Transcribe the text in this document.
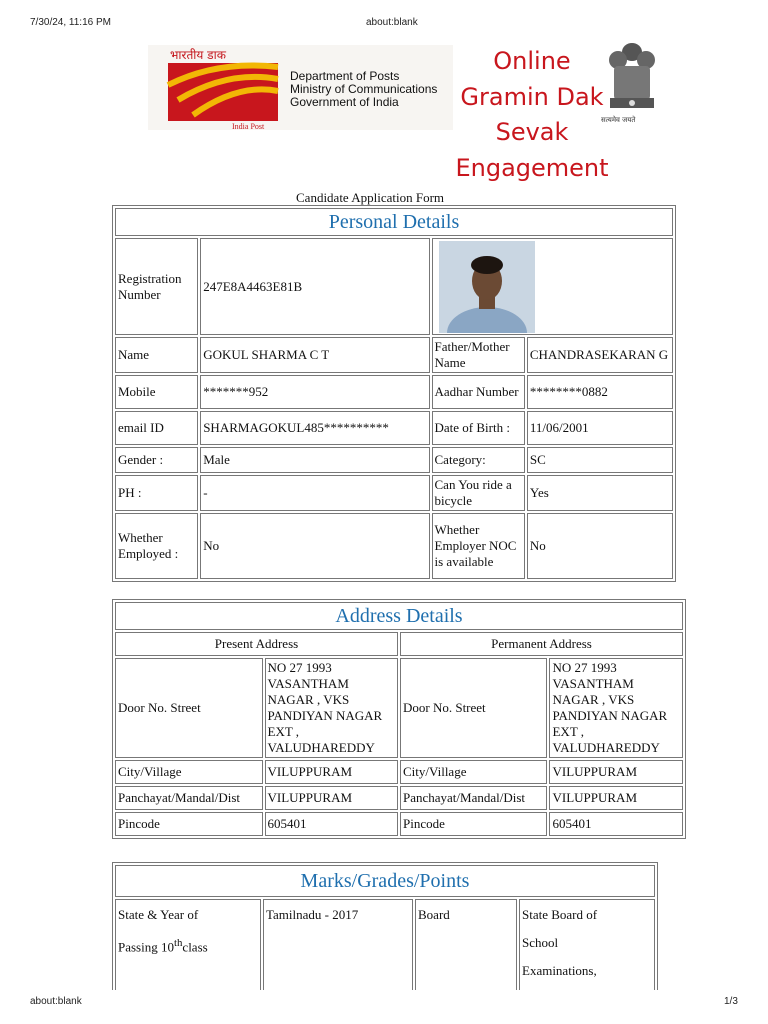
7/30/24, 11:16 PM	about:blank
about:blank	1/3
भारतीय डाक
India Post
Department of Posts
Ministry of Communications
Government of India
Online
Gramin Dak
Sevak
Engagement
सत्यमेव जयते
Candidate Application Form
Personal Details			
Registration Number	247E8A4463E81B	

Name	GOKUL SHARMA C T	Father/Mother Name	CHANDRASEKARAN G
Mobile	*******952	Aadhar Number	********0882
email ID	SHARMAGOKUL485**********	Date of Birth :	11/06/2001
Gender :	Male	Category:	SC
PH :	-	Can You ride a bicycle	Yes
Whether Employed :	No	Whether Employer NOC is available	No
Address Details			
Present Address		Permanent Address	
Door No. Street	NO 27 1993 VASANTHAM NAGAR , VKS PANDIYAN NAGAR EXT , VALUDHAREDDY	Door No. Street	NO 27 1993 VASANTHAM NAGAR , VKS PANDIYAN NAGAR EXT , VALUDHAREDDY
City/Village	VILUPPURAM	City/Village	VILUPPURAM
Panchayat/Mandal/Dist	VILUPPURAM	Panchayat/Mandal/Dist	VILUPPURAM
Pincode	605401	Pincode	605401
Marks/Grades/Points
State & Year of
Passing 10thclass	Tamilnadu - 2017	Board	State Board of
School
Examinations,
